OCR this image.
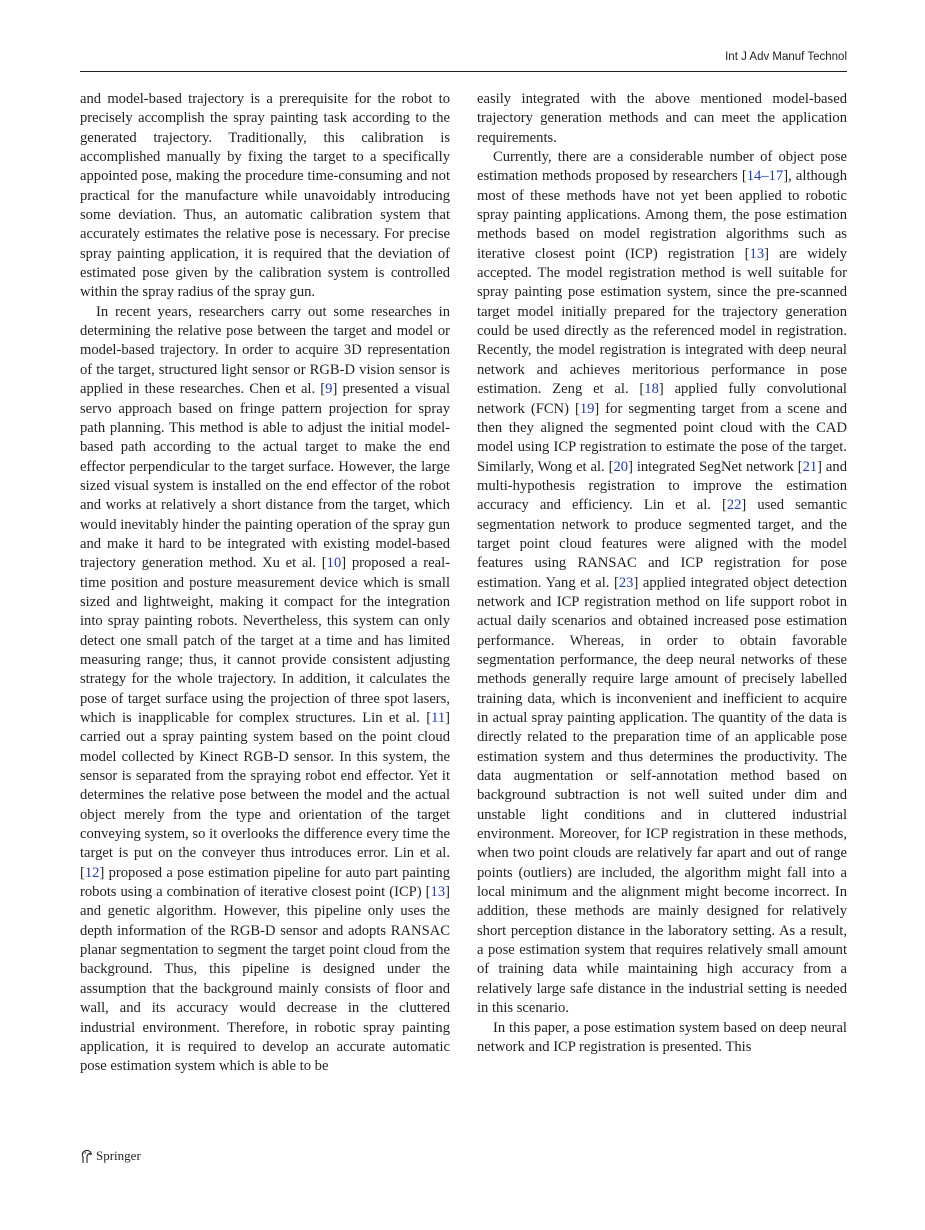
Int J Adv Manuf Technol

and model-based trajectory is a prerequisite for the robot to precisely accomplish the spray painting task according to the generated trajectory. Traditionally, this calibration is accomplished manually by fixing the target to a specifically appointed pose, making the procedure time-consuming and not practical for the manufacture while unavoidably introducing some deviation. Thus, an automatic calibration system that accurately estimates the relative pose is necessary. For precise spray painting application, it is required that the deviation of estimated pose given by the calibration system is controlled within the spray radius of the spray gun.

In recent years, researchers carry out some researches in determining the relative pose between the target and model or model-based trajectory. In order to acquire 3D representation of the target, structured light sensor or RGB-D vision sensor is applied in these researches. Chen et al. [9] presented a visual servo approach based on fringe pattern projection for spray path planning. This method is able to adjust the initial model-based path according to the actual target to make the end effector perpendicular to the target surface. However, the large sized visual system is installed on the end effector of the robot and works at relatively a short distance from the target, which would inevitably hinder the painting operation of the spray gun and make it hard to be integrated with existing model-based trajectory generation method. Xu et al. [10] proposed a real-time position and posture measurement device which is small sized and lightweight, making it compact for the integration into spray painting robots. Nevertheless, this system can only detect one small patch of the target at a time and has limited measuring range; thus, it cannot provide consistent adjusting strategy for the whole trajectory. In addition, it calculates the pose of target surface using the projection of three spot lasers, which is inapplicable for complex structures. Lin et al. [11] carried out a spray painting system based on the point cloud model collected by Kinect RGB-D sensor. In this system, the sensor is separated from the spraying robot end effector. Yet it determines the relative pose between the model and the actual object merely from the type and orientation of the target conveying system, so it overlooks the difference every time the target is put on the conveyer thus introduces error. Lin et al. [12] proposed a pose estimation pipeline for auto part painting robots using a combination of iterative closest point (ICP) [13] and genetic algorithm. However, this pipeline only uses the depth information of the RGB-D sensor and adopts RANSAC planar segmentation to segment the target point cloud from the background. Thus, this pipeline is designed under the assumption that the background mainly consists of floor and wall, and its accuracy would decrease in the cluttered industrial environment. Therefore, in robotic spray painting application, it is required to develop an accurate automatic pose estimation system which is able to be

easily integrated with the above mentioned model-based trajectory generation methods and can meet the application requirements.

Currently, there are a considerable number of object pose estimation methods proposed by researchers [14–17], although most of these methods have not yet been applied to robotic spray painting applications. Among them, the pose estimation methods based on model registration algorithms such as iterative closest point (ICP) registration [13] are widely accepted. The model registration method is well suitable for spray painting pose estimation system, since the pre-scanned target model initially prepared for the trajectory generation could be used directly as the referenced model in registration. Recently, the model registration is integrated with deep neural network and achieves meritorious performance in pose estimation. Zeng et al. [18] applied fully convolutional network (FCN) [19] for segmenting target from a scene and then they aligned the segmented point cloud with the CAD model using ICP registration to estimate the pose of the target. Similarly, Wong et al. [20] integrated SegNet network [21] and multi-hypothesis registration to improve the estimation accuracy and efficiency. Lin et al. [22] used semantic segmentation network to produce segmented target, and the target point cloud features were aligned with the model features using RANSAC and ICP registration for pose estimation. Yang et al. [23] applied integrated object detection network and ICP registration method on life support robot in actual daily scenarios and obtained increased pose estimation performance. Whereas, in order to obtain favorable segmentation performance, the deep neural networks of these methods generally require large amount of precisely labelled training data, which is inconvenient and inefficient to acquire in actual spray painting application. The quantity of the data is directly related to the preparation time of an applicable pose estimation system and thus determines the productivity. The data augmentation or self-annotation method based on background subtraction is not well suited under dim and unstable light conditions and in cluttered industrial environment. Moreover, for ICP registration in these methods, when two point clouds are relatively far apart and out of range points (outliers) are included, the algorithm might fall into a local minimum and the alignment might become incorrect. In addition, these methods are mainly designed for relatively short perception distance in the laboratory setting. As a result, a pose estimation system that requires relatively small amount of training data while maintaining high accuracy from a relatively large safe distance in the industrial setting is needed in this scenario.

In this paper, a pose estimation system based on deep neural network and ICP registration is presented. This

Springer
